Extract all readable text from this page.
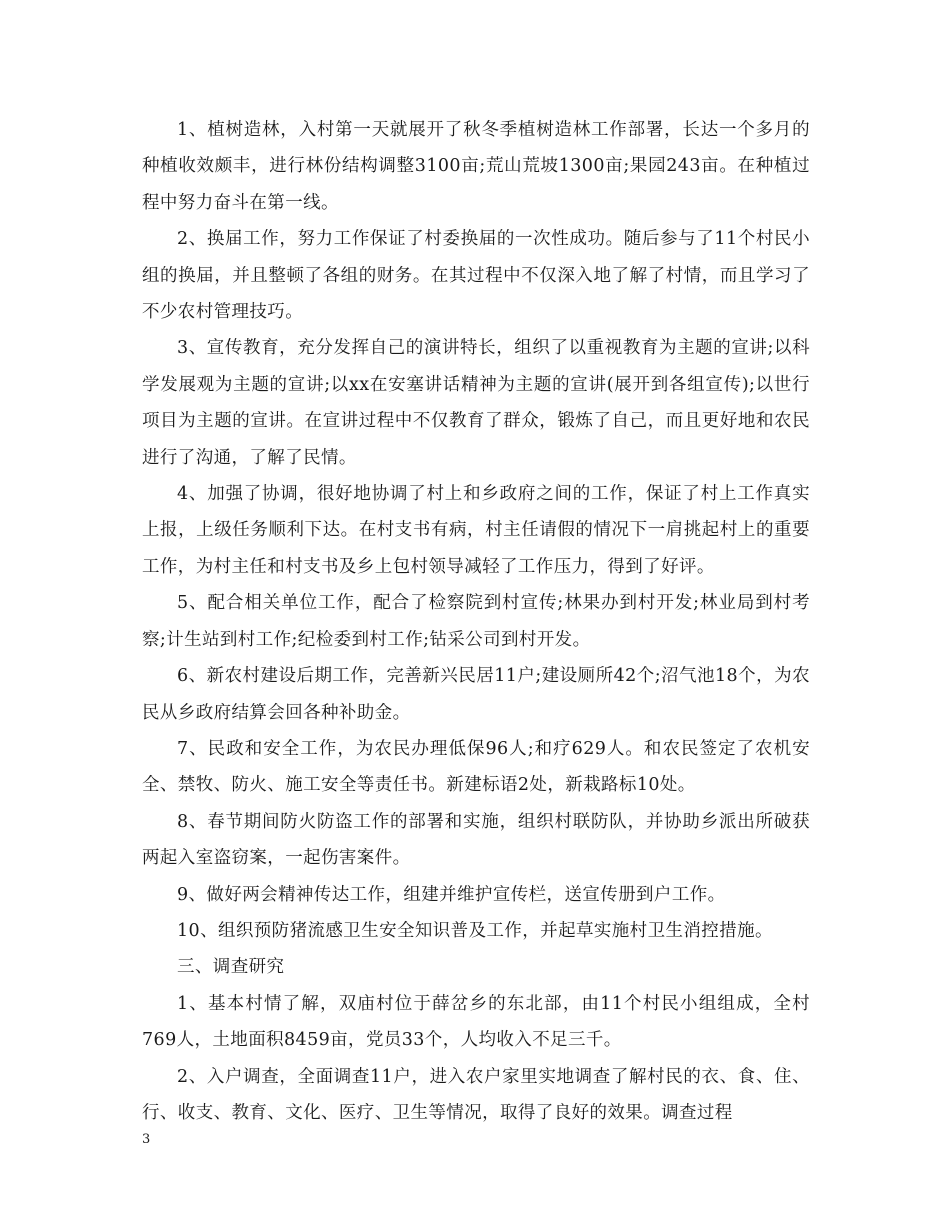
1、植树造林，入村第一天就展开了秋冬季植树造林工作部署，长达一个多月的种植收效颇丰，进行林份结构调整3100亩;荒山荒坡1300亩;果园243亩。在种植过程中努力奋斗在第一线。

2、换届工作，努力工作保证了村委换届的一次性成功。随后参与了11个村民小组的换届，并且整顿了各组的财务。在其过程中不仅深入地了解了村情，而且学习了不少农村管理技巧。

3、宣传教育，充分发挥自己的演讲特长，组织了以重视教育为主题的宣讲;以科学发展观为主题的宣讲;以xx在安塞讲话精神为主题的宣讲(展开到各组宣传);以世行项目为主题的宣讲。在宣讲过程中不仅教育了群众，锻炼了自己，而且更好地和农民进行了沟通，了解了民情。

4、加强了协调，很好地协调了村上和乡政府之间的工作，保证了村上工作真实上报，上级任务顺利下达。在村支书有病，村主任请假的情况下一肩挑起村上的重要工作，为村主任和村支书及乡上包村领导减轻了工作压力，得到了好评。

5、配合相关单位工作，配合了检察院到村宣传;林果办到村开发;林业局到村考察;计生站到村工作;纪检委到村工作;钻采公司到村开发。

6、新农村建设后期工作，完善新兴民居11户;建设厕所42个;沼气池18个，为农民从乡政府结算会回各种补助金。

7、民政和安全工作，为农民办理低保96人;和疗629人。和农民签定了农机安全、禁牧、防火、施工安全等责任书。新建标语2处，新栽路标10处。

8、春节期间防火防盗工作的部署和实施，组织村联防队，并协助乡派出所破获两起入室盗窃案，一起伤害案件。

9、做好两会精神传达工作，组建并维护宣传栏，送宣传册到户工作。

10、组织预防猪流感卫生安全知识普及工作，并起草实施村卫生消控措施。

三、调查研究

1、基本村情了解，双庙村位于薛岔乡的东北部，由11个村民小组组成，全村769人，土地面积8459亩，党员33个，人均收入不足三千。

2、入户调查，全面调查11户，进入农户家里实地调查了解村民的衣、食、住、行、收支、教育、文化、医疗、卫生等情况，取得了良好的效果。调查过程

3
